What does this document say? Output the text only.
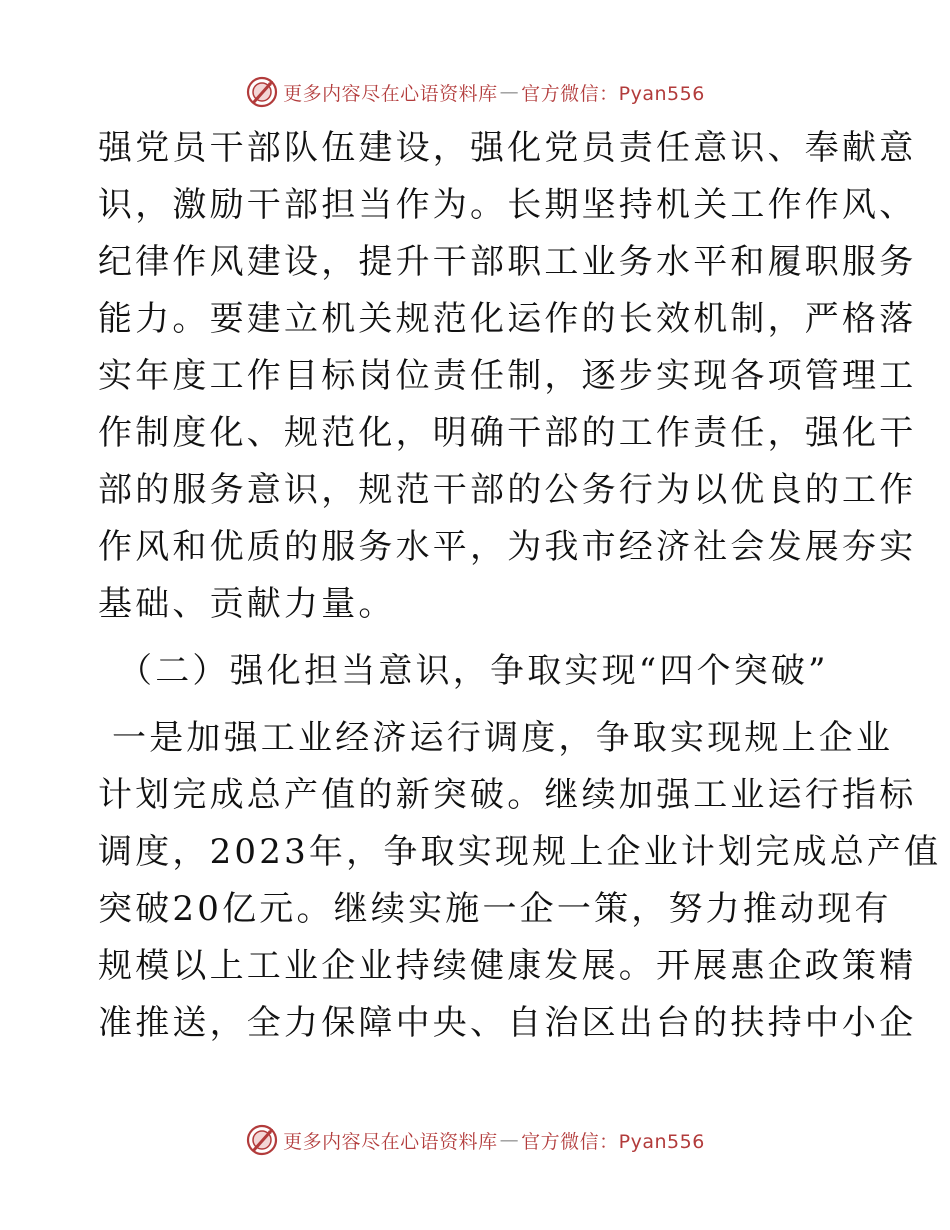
更多内容尽在心语资料库 — 官方微信：Pyan556
强党员干部队伍建设，强化党员责任意识、奉献意
识，激励干部担当作为。长期坚持机关工作作风、
纪律作风建设，提升干部职工业务水平和履职服务
能力。要建立机关规范化运作的长效机制，严格落
实年度工作目标岗位责任制，逐步实现各项管理工
作制度化、规范化，明确干部的工作责任，强化干
部的服务意识，规范干部的公务行为以优良的工作
作风和优质的服务水平，为我市经济社会发展夯实
基础、贡献力量。
（二）强化担当意识，争取实现“四个突破”
一是加强工业经济运行调度，争取实现规上企业
计划完成总产值的新突破。继续加强工业运行指标
调度，2023年，争取实现规上企业计划完成总产值
突破20亿元。继续实施一企一策，努力推动现有
规模以上工业企业持续健康发展。开展惠企政策精
准推送，全力保障中央、自治区出台的扶持中小企
更多内容尽在心语资料库 — 官方微信：Pyan556
